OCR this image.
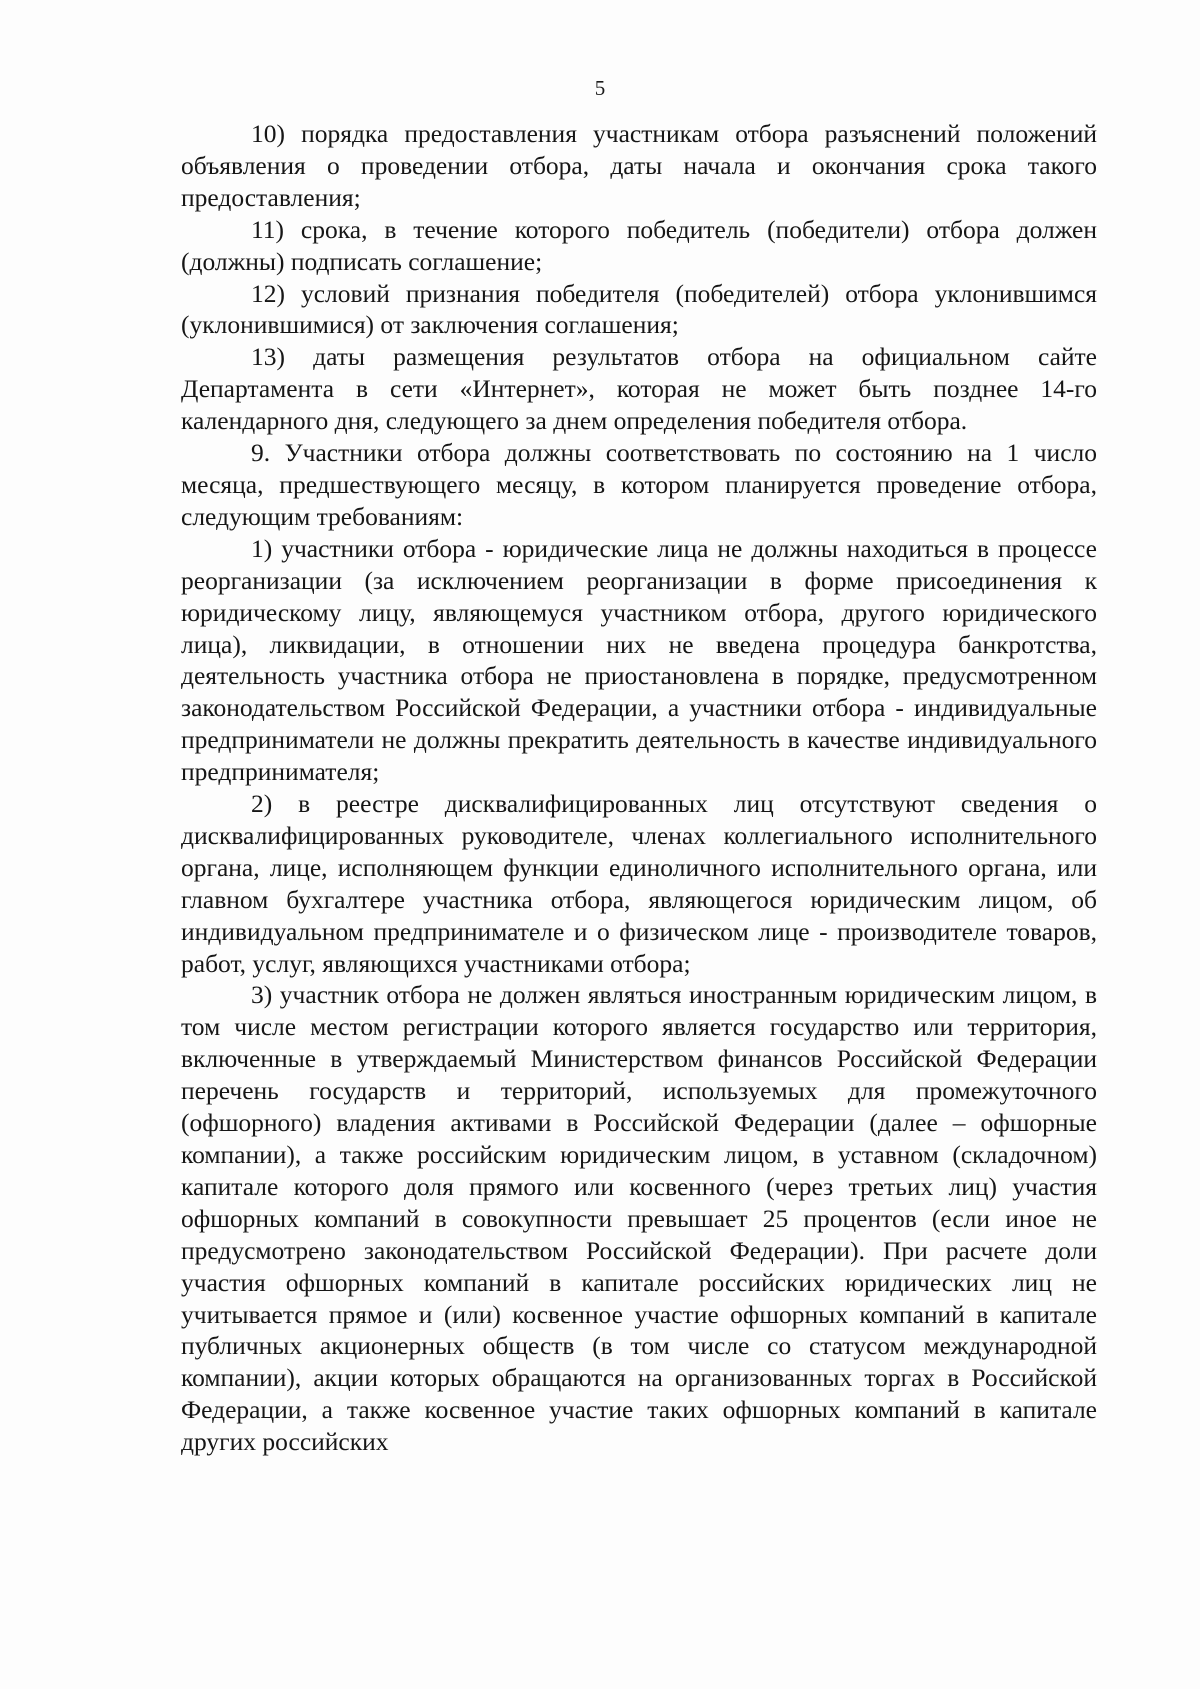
5

10) порядка предоставления участникам отбора разъяснений положений объявления о проведении отбора, даты начала и окончания срока такого предоставления;

11) срока, в течение которого победитель (победители) отбора должен (должны) подписать соглашение;

12) условий признания победителя (победителей) отбора уклонившимся (уклонившимися) от заключения соглашения;

13) даты размещения результатов отбора на официальном сайте Департамента в сети «Интернет», которая не может быть позднее 14-го календарного дня, следующего за днем определения победителя отбора.

9. Участники отбора должны соответствовать по состоянию на 1 число месяца, предшествующего месяцу, в котором планируется проведение отбора, следующим требованиям:

1) участники отбора - юридические лица не должны находиться в процессе реорганизации (за исключением реорганизации в форме присоединения к юридическому лицу, являющемуся участником отбора, другого юридического лица), ликвидации, в отношении них не введена процедура банкротства, деятельность участника отбора не приостановлена в порядке, предусмотренном законодательством Российской Федерации, а участники отбора - индивидуальные предприниматели не должны прекратить деятельность в качестве индивидуального предпринимателя;

2) в реестре дисквалифицированных лиц отсутствуют сведения о дисквалифицированных руководителе, членах коллегиального исполнительного органа, лице, исполняющем функции единоличного исполнительного органа, или главном бухгалтере участника отбора, являющегося юридическим лицом, об индивидуальном предпринимателе и о физическом лице - производителе товаров, работ, услуг, являющихся участниками отбора;

3) участник отбора не должен являться иностранным юридическим лицом, в том числе местом регистрации которого является государство или территория, включенные в утверждаемый Министерством финансов Российской Федерации перечень государств и территорий, используемых для промежуточного (офшорного) владения активами в Российской Федерации (далее – офшорные компании), а также российским юридическим лицом, в уставном (складочном) капитале которого доля прямого или косвенного (через третьих лиц) участия офшорных компаний в совокупности превышает 25 процентов (если иное не предусмотрено законодательством Российской Федерации). При расчете доли участия офшорных компаний в капитале российских юридических лиц не учитывается прямое и (или) косвенное участие офшорных компаний в капитале публичных акционерных обществ (в том числе со статусом международной компании), акции которых обращаются на организованных торгах в Российской Федерации, а также косвенное участие таких офшорных компаний в капитале других российских
